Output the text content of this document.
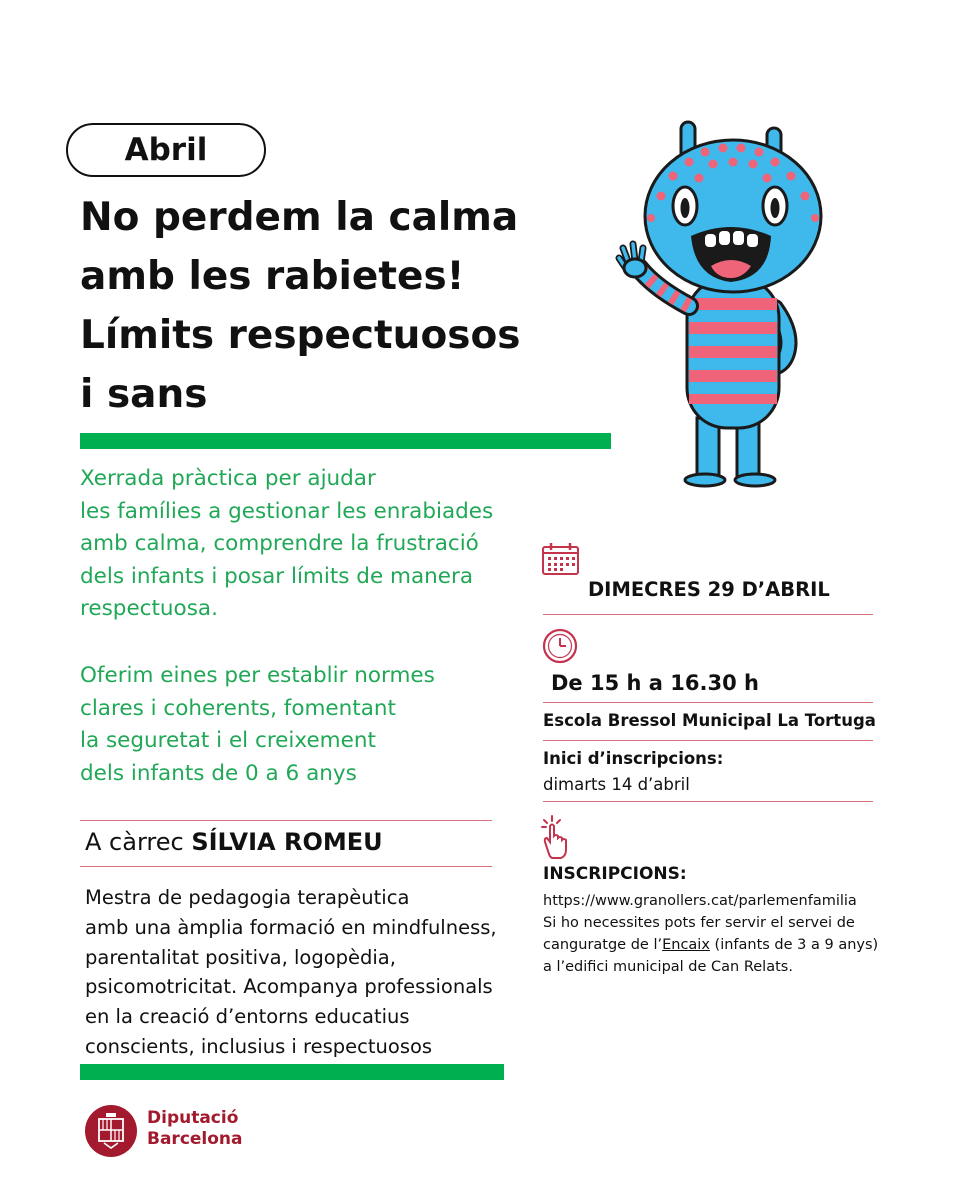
Abril
No perdem la calma
amb les rabietes!
Límits respectuosos
i sans
Xerrada pràctica per ajudar
les famílies a gestionar les enrabiades
amb calma, comprendre la frustració
dels infants i posar límits de manera
respectuosa.
Oferim eines per establir normes
clares i coherents, fomentant
la seguretat i el creixement
dels infants de 0 a 6 anys
A càrrec SÍLVIA ROMEU
Mestra de pedagogia terapèutica
amb una àmplia formació en mindfulness,
parentalitat positiva, logopèdia,
psicomotricitat. Acompanya professionals
en la creació d’entorns educatius
conscients, inclusius i respectuosos
DIMECRES 29 D’ABRIL
De 15 h a 16.30 h
Escola Bressol Municipal La Tortuga
Inici d’inscripcions:
dimarts 14 d’abril
INSCRIPCIONS:
https://www.granollers.cat/parlemenfamilia
Si ho necessites pots fer servir el servei de
canguratge de l’Encaix (infants de 3 a 9 anys)
a l’edifici municipal de Can Relats.
Diputació
Barcelona
